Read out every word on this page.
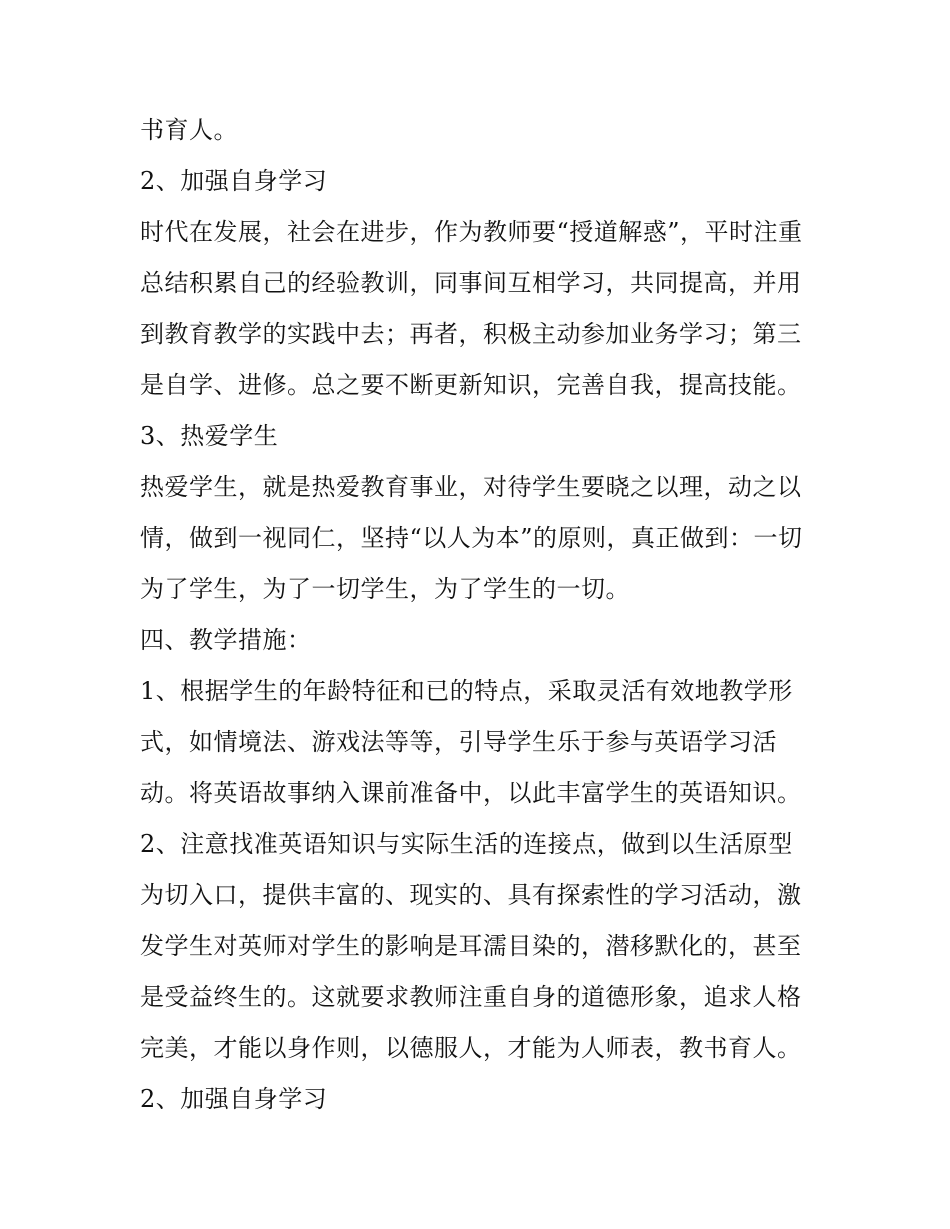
书育人。
2、加强自身学习
时代在发展，社会在进步，作为教师要“授道解惑”，平时注重
总结积累自己的经验教训，同事间互相学习，共同提高，并用
到教育教学的实践中去；再者，积极主动参加业务学习；第三
是自学、进修。总之要不断更新知识，完善自我，提高技能。
3、热爱学生
热爱学生，就是热爱教育事业，对待学生要晓之以理，动之以
情，做到一视同仁，坚持“以人为本”的原则，真正做到：一切
为了学生，为了一切学生，为了学生的一切。
四、教学措施：
1、根据学生的年龄特征和已的特点，采取灵活有效地教学形
式，如情境法、游戏法等等，引导学生乐于参与英语学习活
动。将英语故事纳入课前准备中，以此丰富学生的英语知识。
2、注意找准英语知识与实际生活的连接点，做到以生活原型
为切入口，提供丰富的、现实的、具有探索性的学习活动，激
发学生对英师对学生的影响是耳濡目染的，潜移默化的，甚至
是受益终生的。这就要求教师注重自身的道德形象，追求人格
完美，才能以身作则，以德服人，才能为人师表，教书育人。
2、加强自身学习
